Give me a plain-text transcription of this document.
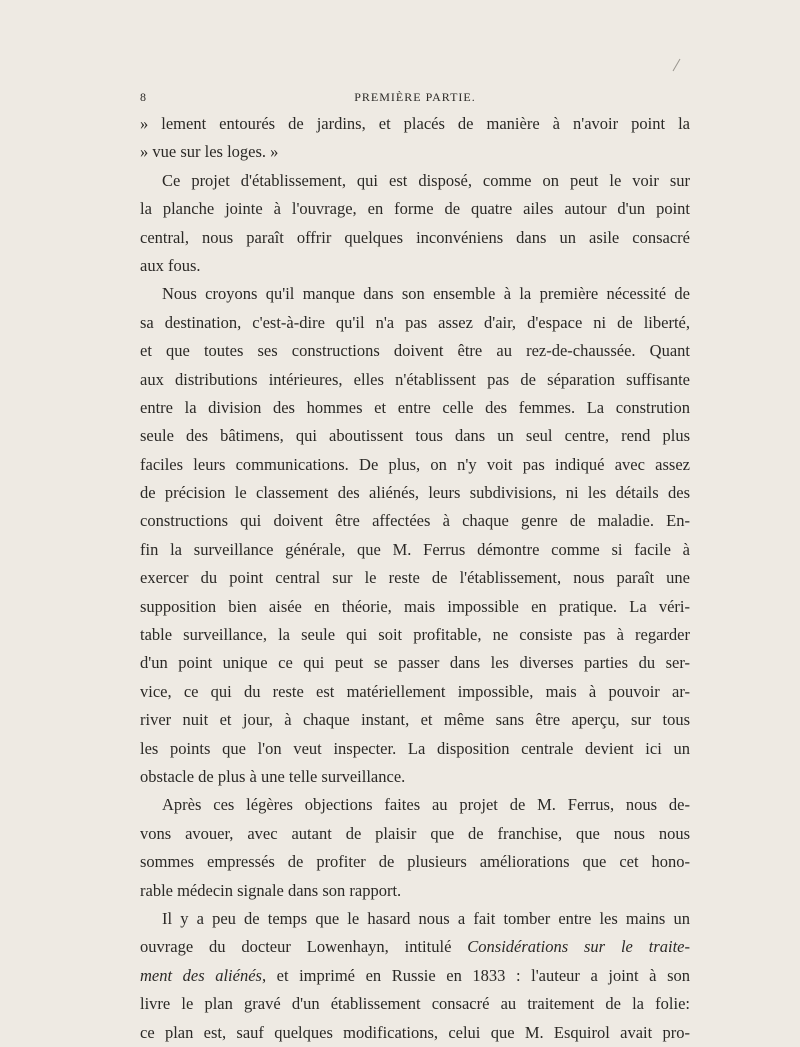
8	PREMIÈRE PARTIE.
» lement entourés de jardins, et placés de manière à n'avoir point la
» vue sur les loges. »
Ce projet d'établissement, qui est disposé, comme on peut le voir sur
la planche jointe à l'ouvrage, en forme de quatre ailes autour d'un point
central, nous paraît offrir quelques inconvéniens dans un asile consacré
aux fous.
Nous croyons qu'il manque dans son ensemble à la première nécessité de
sa destination, c'est-à-dire qu'il n'a pas assez d'air, d'espace ni de liberté,
et que toutes ses constructions doivent être au rez-de-chaussée. Quant
aux distributions intérieures, elles n'établissent pas de séparation suffisante
entre la division des hommes et entre celle des femmes. La constrution
seule des bâtimens, qui aboutissent tous dans un seul centre, rend plus
faciles leurs communications. De plus, on n'y voit pas indiqué avec assez
de précision le classement des aliénés, leurs subdivisions, ni les détails des
constructions qui doivent être affectées à chaque genre de maladie. En-
fin la surveillance générale, que M. Ferrus démontre comme si facile à
exercer du point central sur le reste de l'établissement, nous paraît une
supposition bien aisée en théorie, mais impossible en pratique. La véri-
table surveillance, la seule qui soit profitable, ne consiste pas à regarder
d'un point unique ce qui peut se passer dans les diverses parties du ser-
vice, ce qui du reste est matériellement impossible, mais à pouvoir ar-
river nuit et jour, à chaque instant, et même sans être aperçu, sur tous
les points que l'on veut inspecter. La disposition centrale devient ici un
obstacle de plus à une telle surveillance.
Après ces légères objections faites au projet de M. Ferrus, nous de-
vons avouer, avec autant de plaisir que de franchise, que nous nous
sommes empressés de profiter de plusieurs améliorations que cet hono-
rable médecin signale dans son rapport.
Il y a peu de temps que le hasard nous a fait tomber entre les mains un
ouvrage du docteur Lowenhayn, intitulé Considérations sur le traite-
ment des aliénés, et imprimé en Russie en 1833 : l'auteur a joint à son
livre le plan gravé d'un établissement consacré au traitement de la folie:
ce plan est, sauf quelques modifications, celui que M. Esquirol avait pro-
